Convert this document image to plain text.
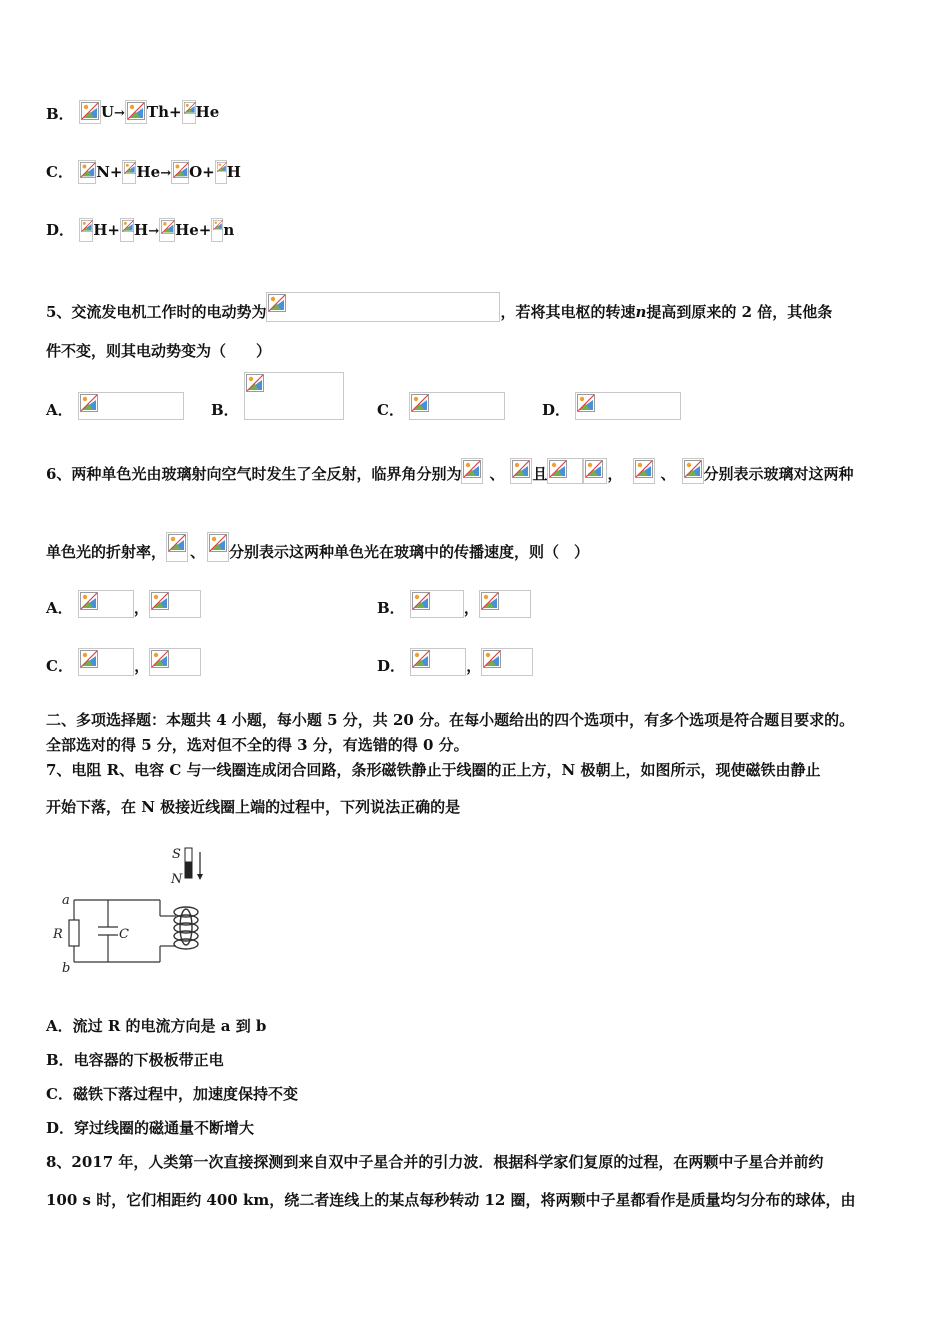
B． U→ Th+ He
C． N+ He→ O+ H
D． H+ H→ He+ n
5、交流发电机工作时的电动势为	，若将其电枢的转速n提高到原来的 2 倍，其他条
件不变，则其电动势变为（　　）
A．	B．	C．	D．
6、两种单色光由玻璃射向空气时发生了全反射，临界角分别为 、 且	，	、 分别表示玻璃对这两种
单色光的折射率， 、 分别表示这两种单色光在玻璃中的传播速度，则（　）
A．	，	B．	，
C．	，	D．	，
二、多项选择题：本题共 4 小题，每小题 5 分，共 20 分。在每小题给出的四个选项中，有多个选项是符合题目要求的。
全部选对的得 5 分，选对但不全的得 3 分，有选错的得 0 分。
7、电阻 R、电容 C 与一线圈连成闭合回路，条形磁铁静止于线圈的正上方，N 极朝上，如图所示，现使磁铁由静止
开始下落，在 N 极接近线圈上端的过程中，下列说法正确的是
a
b
R	C
S
N
A．流过 R 的电流方向是 a 到 b
B．电容器的下极板带正电
C．磁铁下落过程中，加速度保持不变
D．穿过线圈的磁通量不断增大
8、2017 年，人类第一次直接探测到来自双中子星合并的引力波．根据科学家们复原的过程，在两颗中子星合并前约
100 s 时，它们相距约 400 km，绕二者连线上的某点每秒转动 12 圈，将两颗中子星都看作是质量均匀分布的球体，由
